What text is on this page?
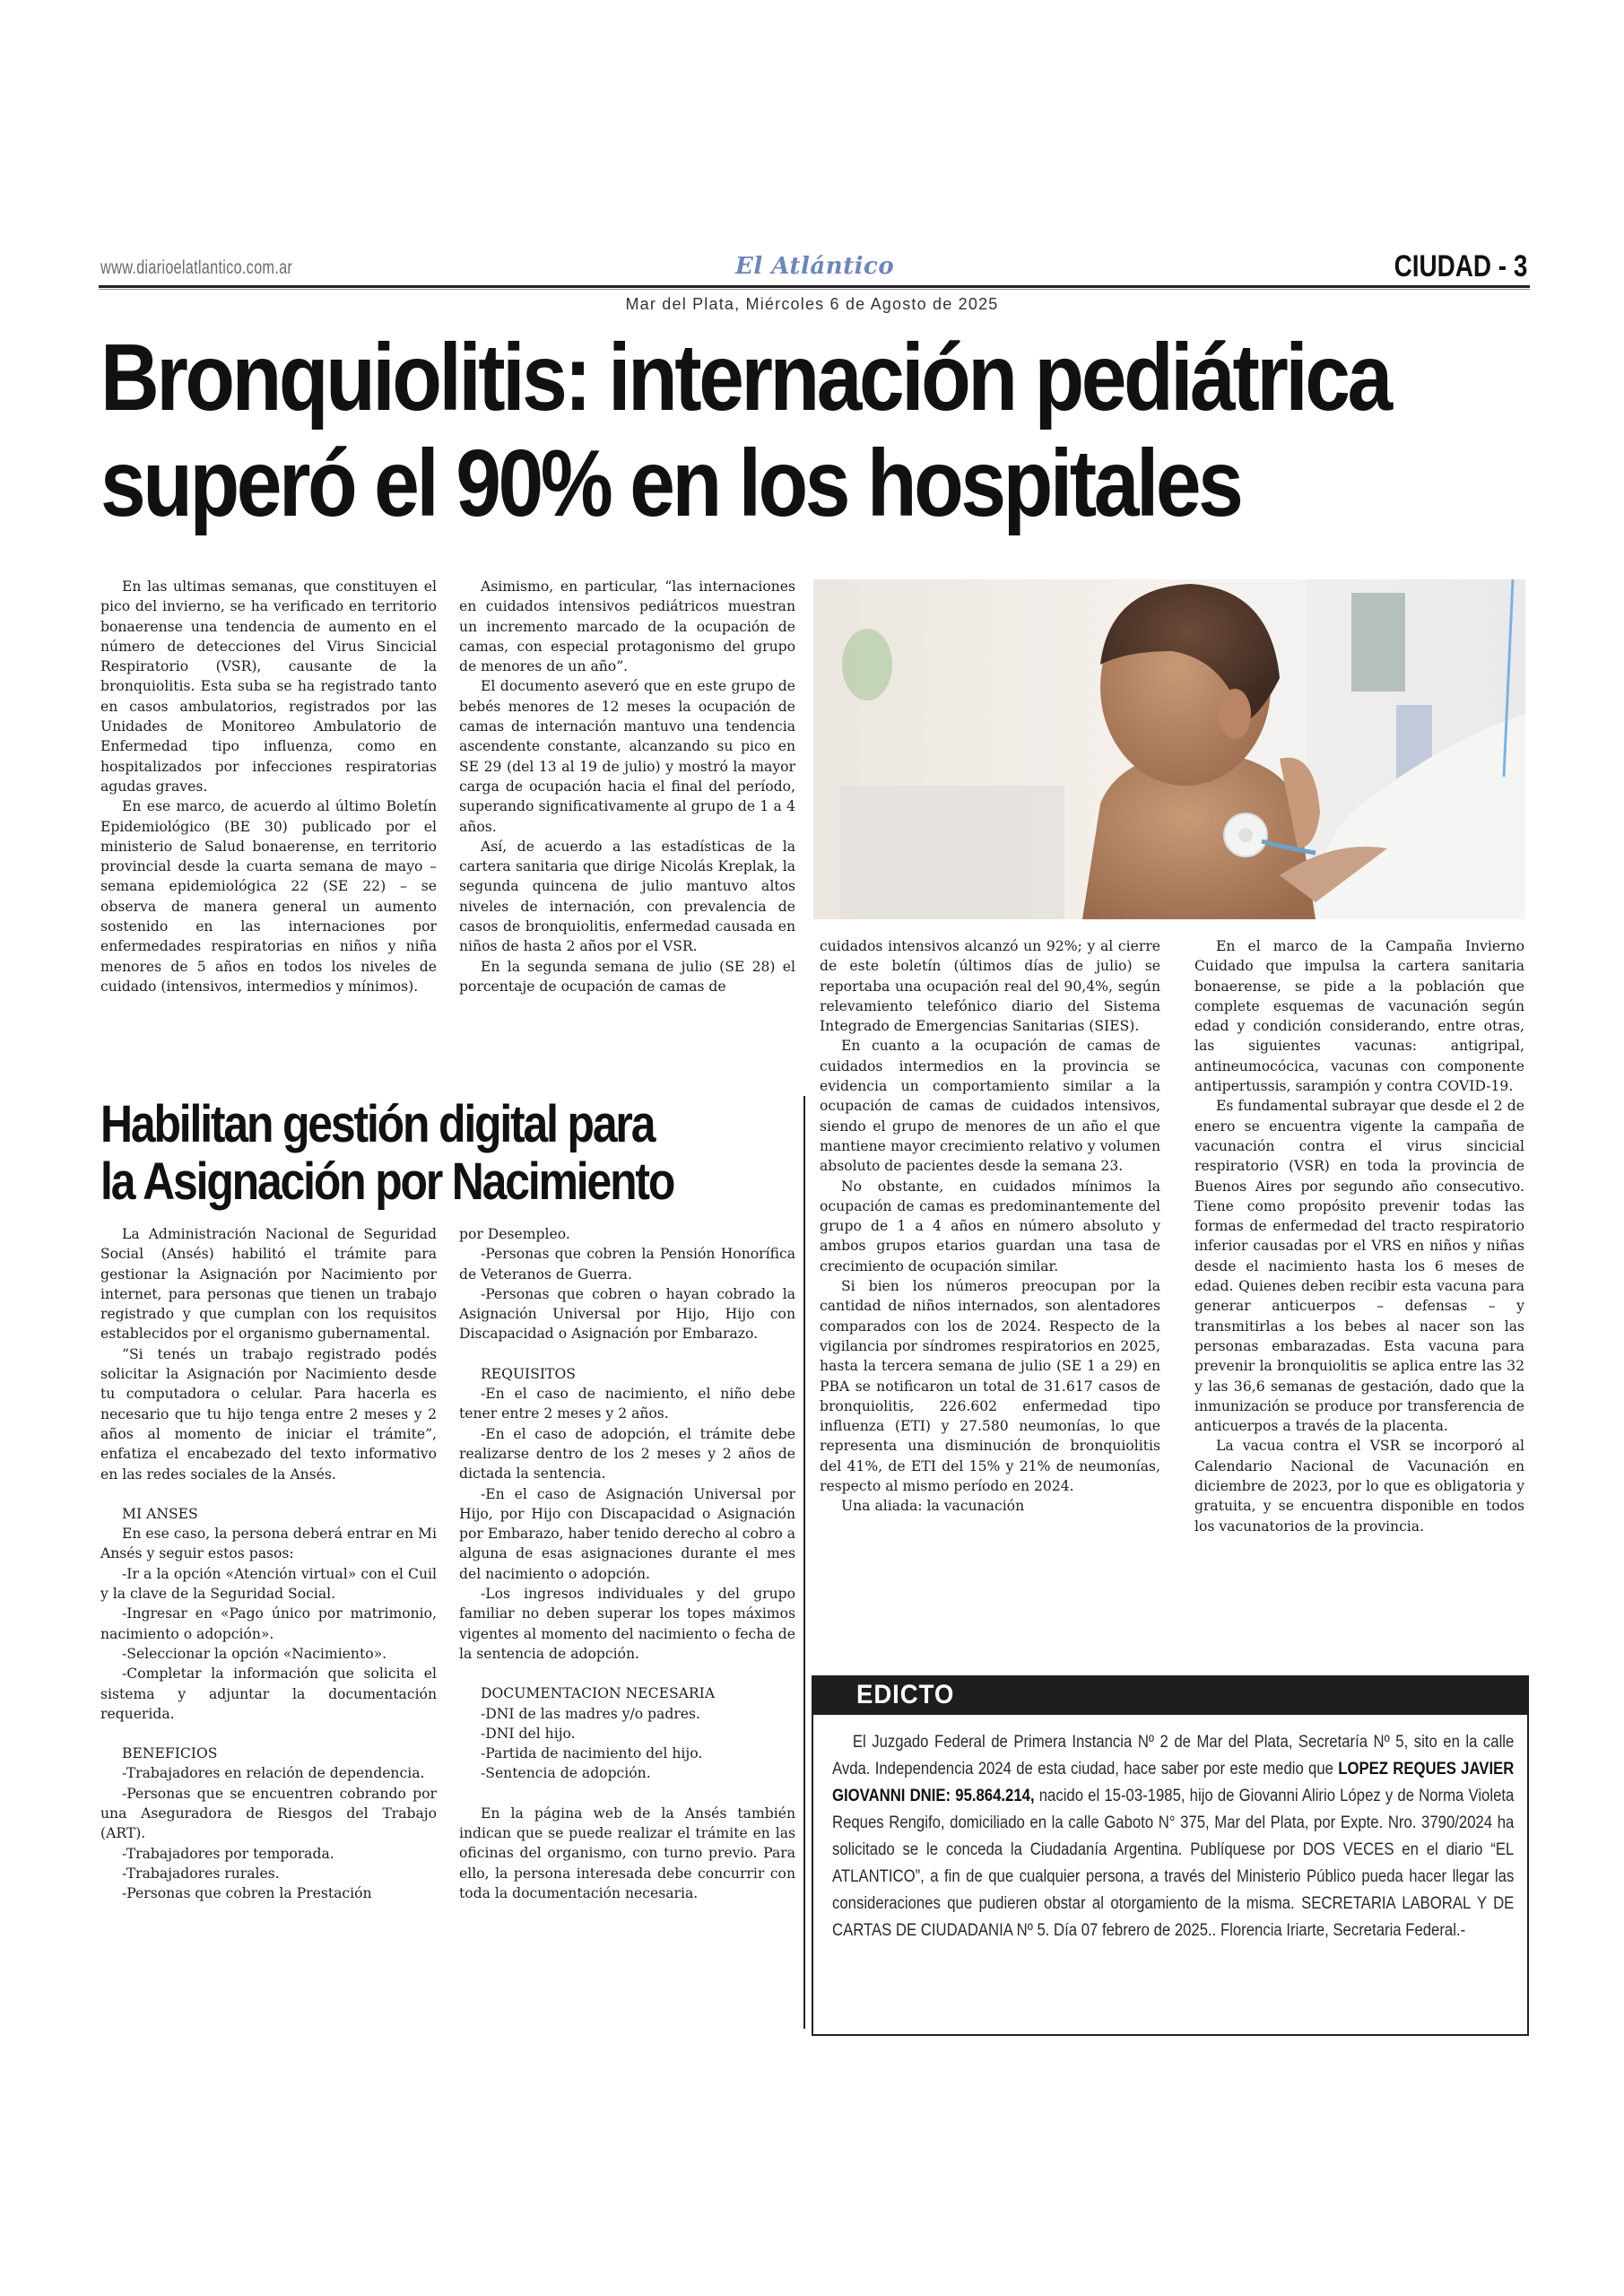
www.diarioelatlantico.com.ar	El Atlántico	CIUDAD - 3
Mar del Plata, Miércoles 6 de Agosto de 2025
Bronquiolitis: internación pediátrica
superó el 90% en los hospitales

En las ultimas semanas, que constituyen el pico del invierno, se ha verificado en territorio bonaerense una tendencia de aumento en el número de detecciones del Virus Sincicial Respiratorio (VSR), causante de la bronquiolitis. Esta suba se ha registrado tanto en casos ambulatorios, registrados por las Unidades de Monitoreo Ambulatorio de Enfermedad tipo influenza, como en hospitalizados por infecciones respiratorias agudas graves.

En ese marco, de acuerdo al último Boletín Epidemiológico (BE 30) publicado por el ministerio de Salud bonaerense, en territorio provincial desde la cuarta semana de mayo – semana epidemiológica 22 (SE 22) – se observa de manera general un aumento sostenido en las internaciones por enfermedades respiratorias en niños y niña menores de 5 años en todos los niveles de cuidado (intensivos, intermedios y mínimos).

Asimismo, en particular, “las internaciones en cuidados intensivos pediátricos muestran un incremento marcado de la ocupación de camas, con especial protagonismo del grupo de menores de un año”.

El documento aseveró que en este grupo de bebés menores de 12 meses la ocupación de camas de internación mantuvo una tendencia ascendente constante, alcanzando su pico en SE 29 (del 13 al 19 de julio) y mostró la mayor carga de ocupación hacia el final del período, superando significativamente al grupo de 1 a 4 años.

Así, de acuerdo a las estadísticas de la cartera sanitaria que dirige Nicolás Kreplak, la segunda quincena de julio mantuvo altos niveles de internación, con prevalencia de casos de bronquiolitis, enfermedad causada en niños de hasta 2 años por el VSR.

En la segunda semana de julio (SE 28) el porcentaje de ocupación de camas de

cuidados intensivos alcanzó un 92%; y al cierre de este boletín (últimos días de julio) se reportaba una ocupación real del 90,4%, según relevamiento telefónico diario del Sistema Integrado de Emergencias Sanitarias (SIES).

En cuanto a la ocupación de camas de cuidados intermedios en la provincia se evidencia un comportamiento similar a la ocupación de camas de cuidados intensivos, siendo el grupo de menores de un año el que mantiene mayor crecimiento relativo y volumen absoluto de pacientes desde la semana 23.

No obstante, en cuidados mínimos la ocupación de camas es predominantemente del grupo de 1 a 4 años en número absoluto y ambos grupos etarios guardan una tasa de crecimiento de ocupación similar.

Si bien los números preocupan por la cantidad de niños internados, son alentadores comparados con los de 2024. Respecto de la vigilancia por síndromes respiratorios en 2025, hasta la tercera semana de julio (SE 1 a 29) en PBA se notificaron un total de 31.617 casos de bronquiolitis, 226.602 enfermedad tipo influenza (ETI) y 27.580 neumonías, lo que representa una disminución de bronquiolitis del 41%, de ETI del 15% y 21% de neumonías, respecto al mismo período en 2024.

Una aliada: la vacunación

En el marco de la Campaña Invierno Cuidado que impulsa la cartera sanitaria bonaerense, se pide a la población que complete esquemas de vacunación según edad y condición considerando, entre otras, las siguientes vacunas: antigripal, antineumocócica, vacunas con componente antipertussis, sarampión y contra COVID-19.

Es fundamental subrayar que desde el 2 de enero se encuentra vigente la campaña de vacunación contra el virus sincicial respiratorio (VSR) en toda la provincia de Buenos Aires por segundo año consecutivo. Tiene como propósito prevenir todas las formas de enfermedad del tracto respiratorio inferior causadas por el VRS en niños y niñas desde el nacimiento hasta los 6 meses de edad. Quienes deben recibir esta vacuna para generar anticuerpos – defensas – y transmitirlas a los bebes al nacer son las personas embarazadas. Esta vacuna para prevenir la bronquiolitis se aplica entre las 32 y las 36,6 semanas de gestación, dado que la inmunización se produce por transferencia de anticuerpos a través de la placenta.

La vacua contra el VSR se incorporó al Calendario Nacional de Vacunación en diciembre de 2023, por lo que es obligatoria y gratuita, y se encuentra disponible en todos los vacunatorios de la provincia.

Habilitan gestión digital para
la Asignación por Nacimiento

La Administración Nacional de Seguridad Social (Ansés) habilitó el trámite para gestionar la Asignación por Nacimiento por internet, para personas que tienen un trabajo registrado y que cumplan con los requisitos establecidos por el organismo gubernamental.

“Si tenés un trabajo registrado podés solicitar la Asignación por Nacimiento desde tu computadora o celular. Para hacerla es necesario que tu hijo tenga entre 2 meses y 2 años al momento de iniciar el trámite”, enfatiza el encabezado del texto informativo en las redes sociales de la Ansés.

MI ANSES

En ese caso, la persona deberá entrar en Mi Ansés y seguir estos pasos:

-Ir a la opción «Atención virtual» con el Cuil y la clave de la Seguridad Social.

-Ingresar en «Pago único por matrimonio, nacimiento o adopción».

-Seleccionar la opción «Nacimiento».

-Completar la información que solicita el sistema y adjuntar la documentación requerida.

BENEFICIOS

-Trabajadores en relación de dependencia.

-Personas que se encuentren cobrando por una Aseguradora de Riesgos del Trabajo (ART).

-Trabajadores por temporada.

-Trabajadores rurales.

-Personas que cobren la Prestación

por Desempleo.

-Personas que cobren la Pensión Honorífica de Veteranos de Guerra.

-Personas que cobren o hayan cobrado la Asignación Universal por Hijo, Hijo con Discapacidad o Asignación por Embarazo.

REQUISITOS

-En el caso de nacimiento, el niño debe tener entre 2 meses y 2 años.

-En el caso de adopción, el trámite debe realizarse dentro de los 2 meses y 2 años de dictada la sentencia.

-En el caso de Asignación Universal por Hijo, por Hijo con Discapacidad o Asignación por Embarazo, haber tenido derecho al cobro a alguna de esas asignaciones durante el mes del nacimiento o adopción.

-Los ingresos individuales y del grupo familiar no deben superar los topes máximos vigentes al momento del nacimiento o fecha de la sentencia de adopción.

DOCUMENTACION NECESARIA

-DNI de las madres y/o padres.

-DNI del hijo.

-Partida de nacimiento del hijo.

-Sentencia de adopción.

En la página web de la Ansés también indican que se puede realizar el trámite en las oficinas del organismo, con turno previo. Para ello, la persona interesada debe concurrir con toda la documentación necesaria.

EDICTO

El Juzgado Federal de Primera Instancia Nº 2 de Mar del Plata, Secretaría Nº 5, sito en la calle Avda. Independencia 2024 de esta ciudad, hace saber por este medio que LOPEZ REQUES JAVIER GIOVANNI DNIE: 95.864.214, nacido el 15-03-1985, hijo de Giovanni Alirio López y de Norma Violeta Reques Rengifo, domiciliado en la calle Gaboto N° 375, Mar del Plata, por Expte. Nro. 3790/2024 ha solicitado se le conceda la Ciudadanía Argentina. Publíquese por DOS VECES en el diario “EL ATLANTICO”, a fin de que cualquier persona, a través del Ministerio Público pueda hacer llegar las consideraciones que pudieren obstar al otorgamiento de la misma. SECRETARIA LABORAL Y DE CARTAS DE CIUDADANIA Nº 5. Día 07 febrero de 2025.. Florencia Iriarte, Secretaria Federal.-
